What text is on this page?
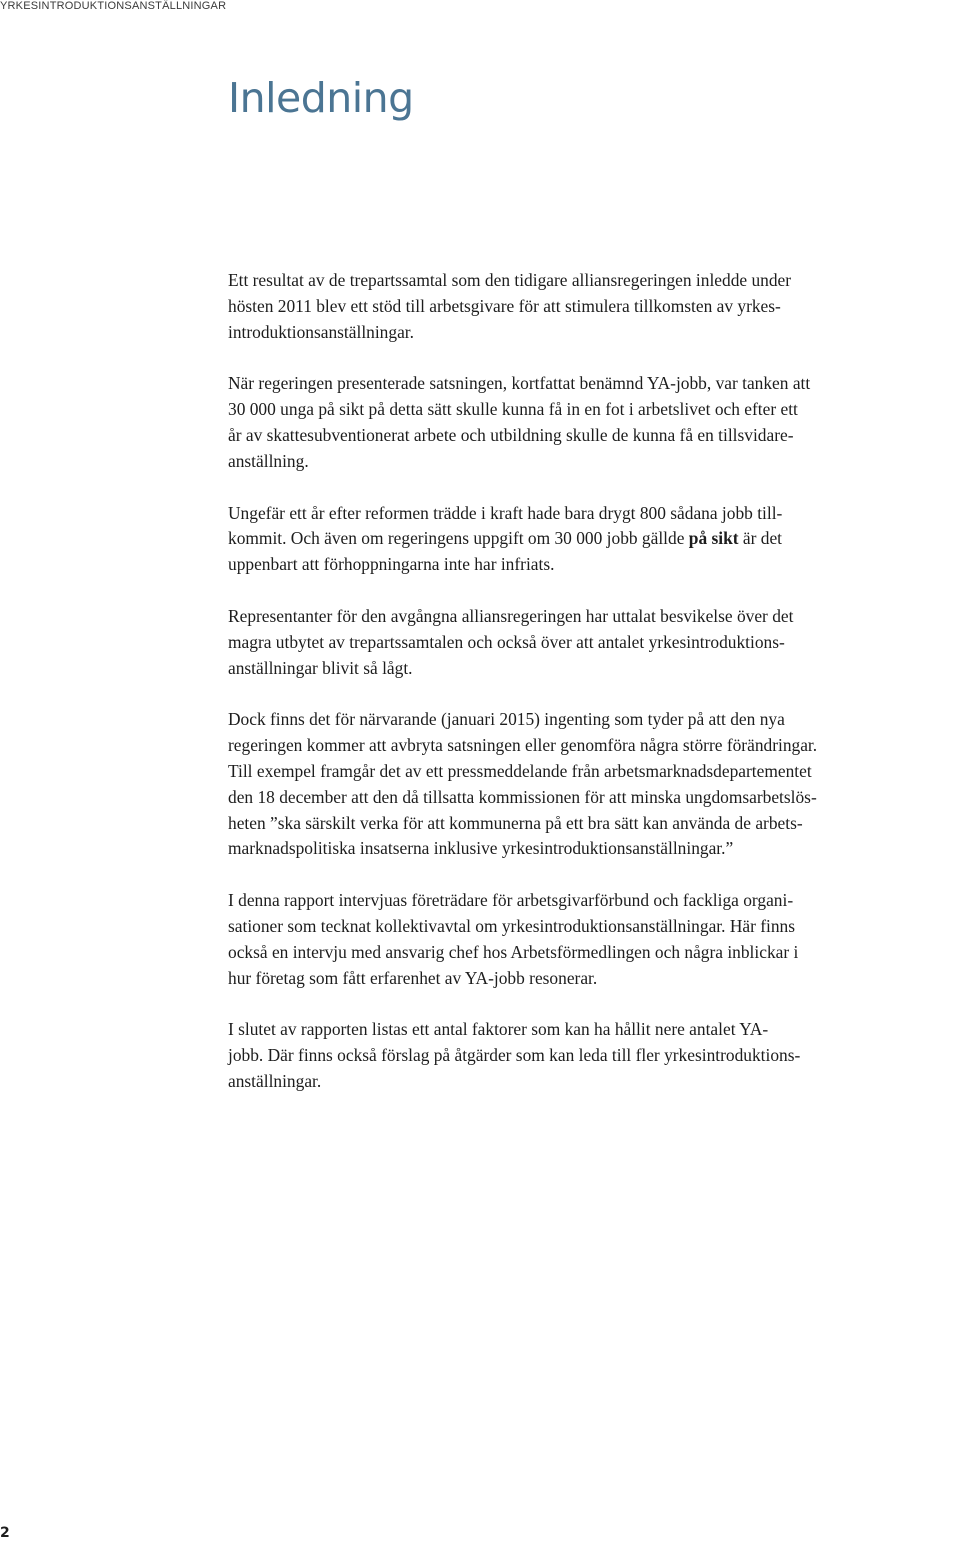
YRKESINTRODUKTIONSANSTÄLLNINGAR
Inledning

Ett resultat av de trepartssamtal som den tidigare alliansregeringen inledde under
hösten 2011 blev ett stöd till arbetsgivare för att stimulera tillkomsten av yrkes-
introduktionsanställningar.

När regeringen presenterade satsningen, kortfattat benämnd YA-jobb, var tanken att
30 000 unga på sikt på detta sätt skulle kunna få in en fot i arbetslivet och efter ett
år av skattesubventionerat arbete och utbildning skulle de kunna få en tillsvidare-
anställning.

Ungefär ett år efter reformen trädde i kraft hade bara drygt 800 sådana jobb till-
kommit. Och även om regeringens uppgift om 30 000 jobb gällde på sikt är det
uppenbart att förhoppningarna inte har infriats.

Representanter för den avgångna alliansregeringen har uttalat besvikelse över det
magra utbytet av trepartssamtalen och också över att antalet yrkesintroduktions-
anställningar blivit så lågt.

Dock finns det för närvarande (januari 2015) ingenting som tyder på att den nya
regeringen kommer att avbryta satsningen eller genomföra några större förändringar.
Till exempel framgår det av ett pressmeddelande från arbetsmarknadsdepartementet
den 18 december att den då tillsatta kommissionen för att minska ungdomsarbetslös-
heten ”ska särskilt verka för att kommunerna på ett bra sätt kan använda de arbets-
marknadspolitiska insatserna inklusive yrkesintroduktionsanställningar.”

I denna rapport intervjuas företrädare för arbetsgivarförbund och fackliga organi-
sationer som tecknat kollektivavtal om yrkesintroduktionsanställningar. Här finns
också en intervju med ansvarig chef hos Arbetsförmedlingen och några inblickar i
hur företag som fått erfarenhet av YA-jobb resonerar.

I slutet av rapporten listas ett antal faktorer som kan ha hållit nere antalet YA-
jobb. Där finns också förslag på åtgärder som kan leda till fler yrkesintroduktions-
anställningar.

2
